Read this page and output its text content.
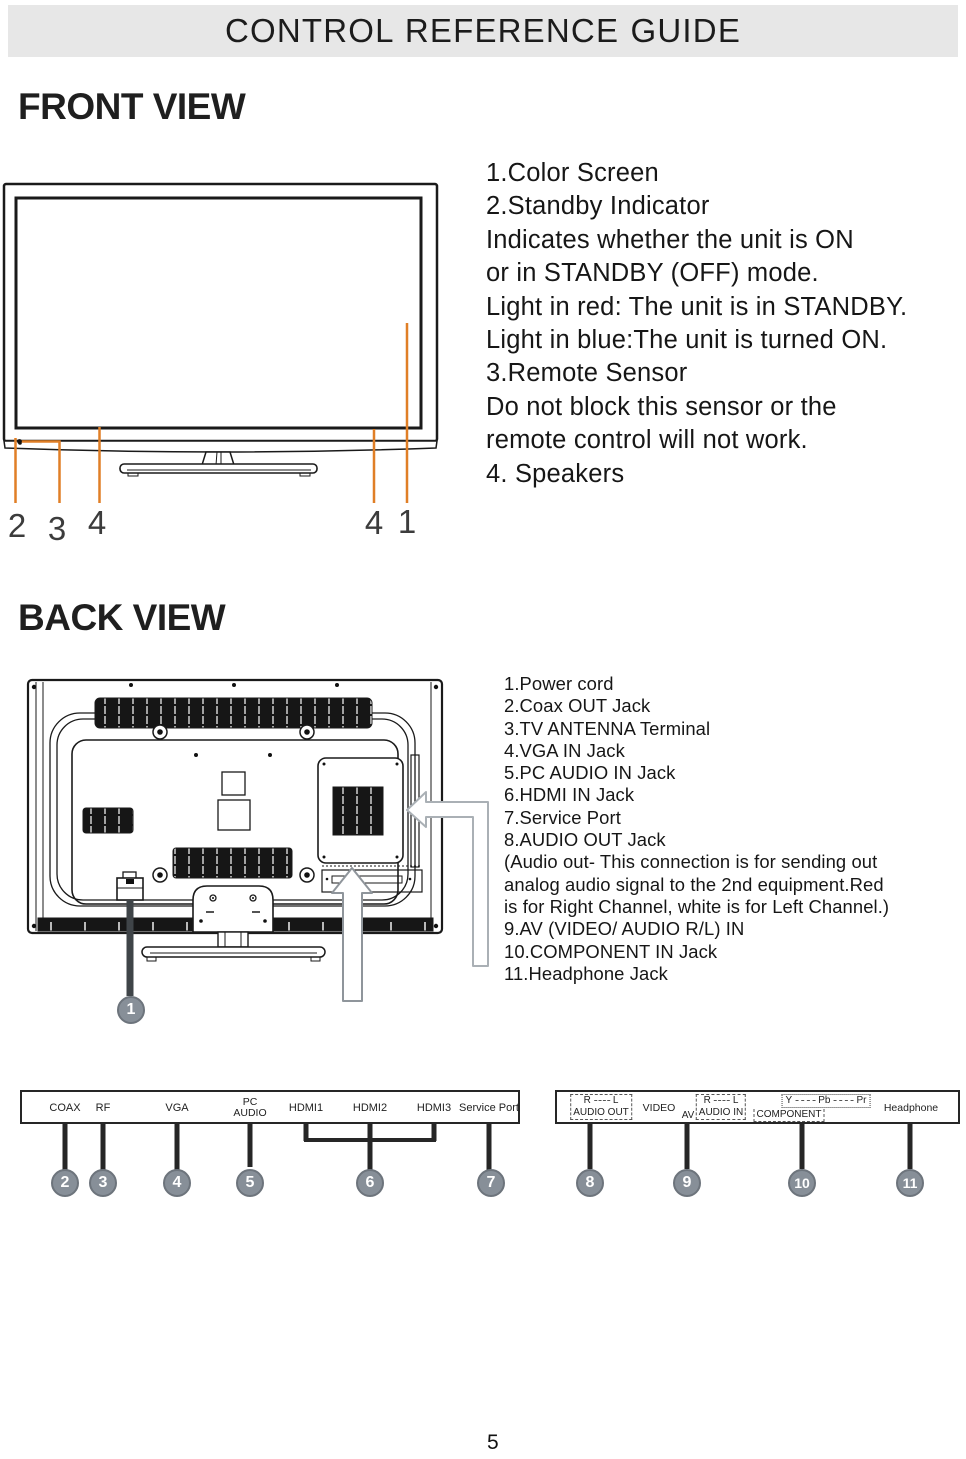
CONTROL REFERENCE GUIDE
FRONT VIEW
2 3 4	4 1
1.Color Screen
2.Standby Indicator
Indicates whether the unit is ON
or in STANDBY (OFF) mode.
Light in red: The unit is in STANDBY.
Light in blue:The unit is turned ON.
3.Remote Sensor
Do not block this sensor or the
remote control will not work.
4. Speakers
BACK VIEW
1
1.Power cord
2.Coax OUT Jack
3.TV ANTENNA Terminal
4.VGA IN Jack
5.PC AUDIO IN Jack
6.HDMI IN Jack
7.Service Port
8.AUDIO OUT Jack
(Audio out- This connection is for sending out
analog audio signal to the 2nd equipment.Red
is for Right Channel, white is for Left Channel.)
9.AV (VIDEO/ AUDIO R/L) IN
10.COMPONENT IN Jack
11.Headphone Jack
COAX RF	VGA	PC
AUDIO HDMI1	HDMI2	HDMI3 Service Port
R L
AUDIO OUT VIDEO
R L
AUDIO IN
AV
Y	Pb	Pr
COMPONENT
Headphone
2	3	4	5	6	7	8	9	10	11
5
